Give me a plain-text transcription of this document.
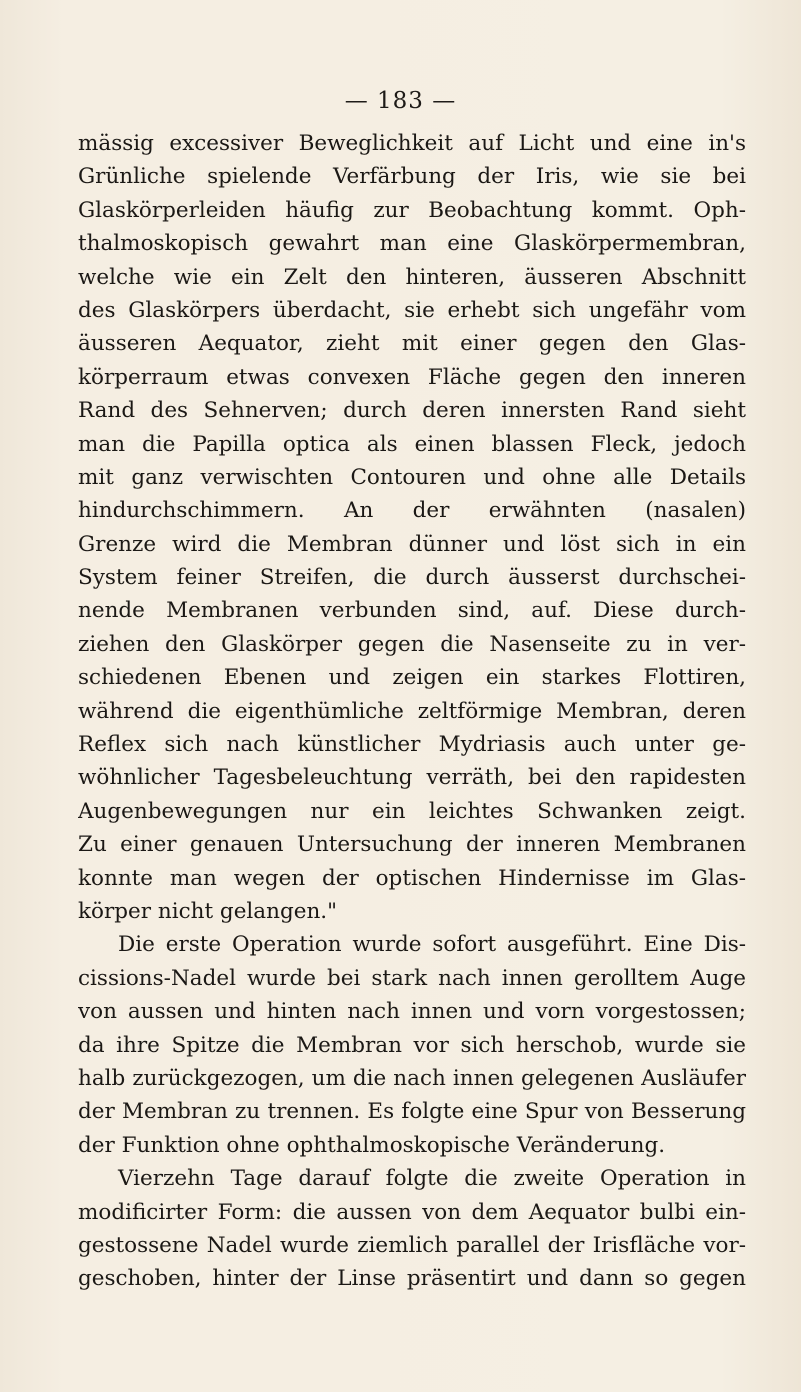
— 183 —
mässig excessiver Beweglichkeit auf Licht und eine in's
Grünliche spielende Verfärbung der Iris, wie sie bei
Glaskörperleiden häufig zur Beobachtung kommt. Oph-
thalmoskopisch gewahrt man eine Glaskörpermembran,
welche wie ein Zelt den hinteren, äusseren Abschnitt
des Glaskörpers überdacht, sie erhebt sich ungefähr vom
äusseren Aequator, zieht mit einer gegen den Glas-
körperraum etwas convexen Fläche gegen den inneren
Rand des Sehnerven; durch deren innersten Rand sieht
man die Papilla optica als einen blassen Fleck, jedoch
mit ganz verwischten Contouren und ohne alle Details
hindurchschimmern. An der erwähnten (nasalen)
Grenze wird die Membran dünner und löst sich in ein
System feiner Streifen, die durch äusserst durchschei-
nende Membranen verbunden sind, auf. Diese durch-
ziehen den Glaskörper gegen die Nasenseite zu in ver-
schiedenen Ebenen und zeigen ein starkes Flottiren,
während die eigenthümliche zeltförmige Membran, deren
Reflex sich nach künstlicher Mydriasis auch unter ge-
wöhnlicher Tagesbeleuchtung verräth, bei den rapidesten
Augenbewegungen nur ein leichtes Schwanken zeigt.
Zu einer genauen Untersuchung der inneren Membranen
konnte man wegen der optischen Hindernisse im Glas-
körper nicht gelangen."
Die erste Operation wurde sofort ausgeführt. Eine Dis-
cissions-Nadel wurde bei stark nach innen gerolltem Auge
von aussen und hinten nach innen und vorn vorgestossen;
da ihre Spitze die Membran vor sich herschob, wurde sie
halb zurückgezogen, um die nach innen gelegenen Ausläufer
der Membran zu trennen. Es folgte eine Spur von Besserung
der Funktion ohne ophthalmoskopische Veränderung.
Vierzehn Tage darauf folgte die zweite Operation in
modificirter Form: die aussen von dem Aequator bulbi ein-
gestossene Nadel wurde ziemlich parallel der Irisfläche vor-
geschoben, hinter der Linse präsentirt und dann so gegen
